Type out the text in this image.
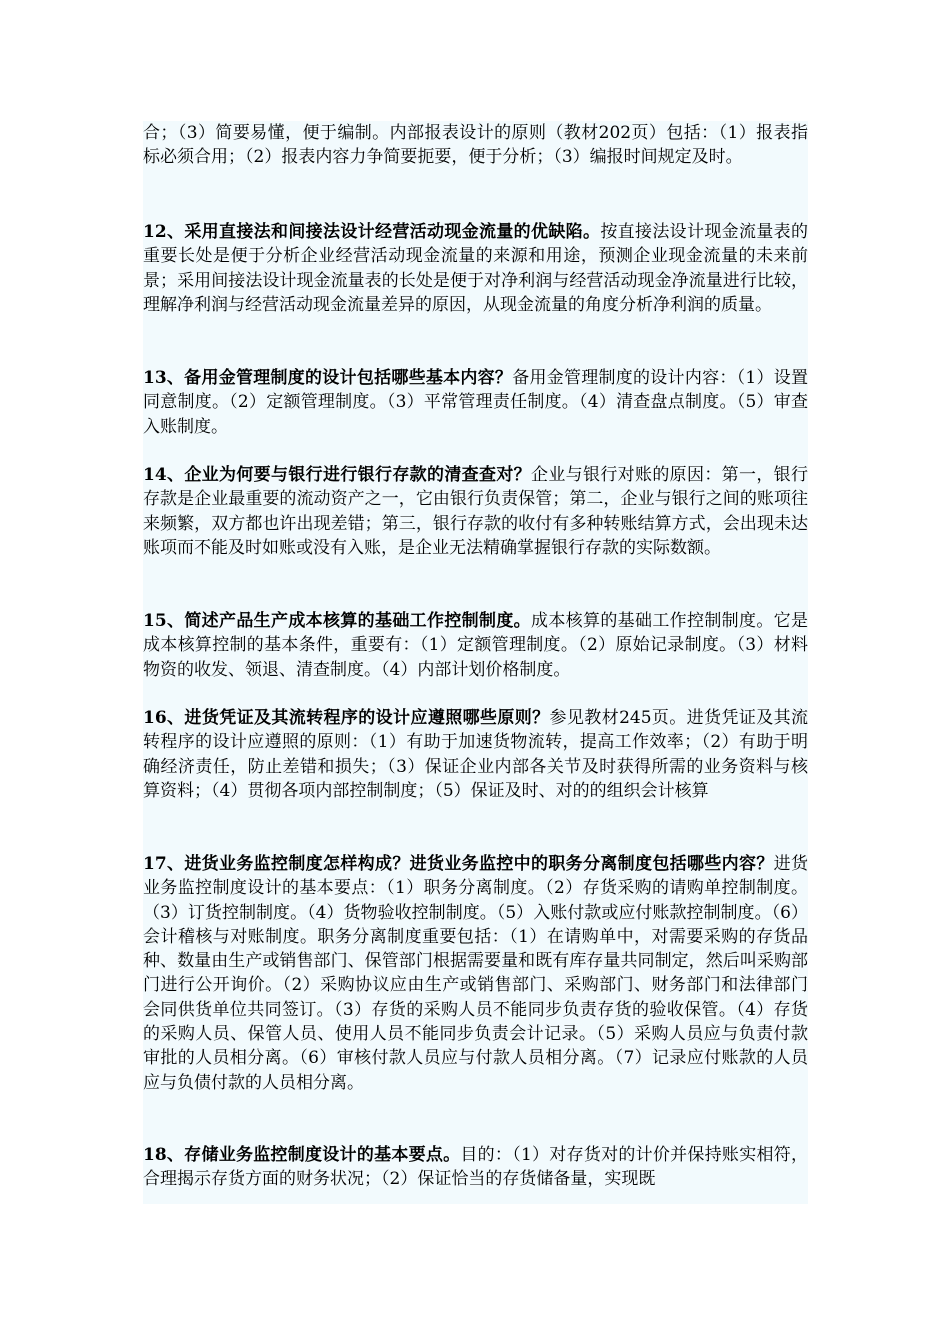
合；（3）简要易懂，便于编制。内部报表设计的原则（教材202页）包括：（1）报表指标必须合用；（2）报表内容力争简要扼要，便于分析；（3）编报时间规定及时。

12、采用直接法和间接法设计经营活动现金流量的优缺陷。按直接法设计现金流量表的重要长处是便于分析企业经营活动现金流量的来源和用途，预测企业现金流量的未来前景；采用间接法设计现金流量表的长处是便于对净利润与经营活动现金净流量进行比较，理解净利润与经营活动现金流量差异的原因，从现金流量的角度分析净利润的质量。

13、备用金管理制度的设计包括哪些基本内容？备用金管理制度的设计内容：（1）设置同意制度。（2）定额管理制度。（3）平常管理责任制度。（4）清查盘点制度。（5）审查入账制度。

14、企业为何要与银行进行银行存款的清查查对？企业与银行对账的原因：第一，银行存款是企业最重要的流动资产之一，它由银行负责保管；第二，企业与银行之间的账项往来频繁，双方都也许出现差错；第三，银行存款的收付有多种转账结算方式，会出现未达账项而不能及时如账或没有入账，是企业无法精确掌握银行存款的实际数额。

15、简述产品生产成本核算的基础工作控制制度。成本核算的基础工作控制制度。它是成本核算控制的基本条件，重要有：（1）定额管理制度。（2）原始记录制度。（3）材料物资的收发、领退、清查制度。（4）内部计划价格制度。

16、进货凭证及其流转程序的设计应遵照哪些原则？参见教材245页。进货凭证及其流转程序的设计应遵照的原则：（1）有助于加速货物流转，提高工作效率；（2）有助于明确经济责任，防止差错和损失；（3）保证企业内部各关节及时获得所需的业务资料与核算资料；（4）贯彻各项内部控制制度；（5）保证及时、对的的组织会计核算

17、进货业务监控制度怎样构成？进货业务监控中的职务分离制度包括哪些内容？进货业务监控制度设计的基本要点：（1）职务分离制度。（2）存货采购的请购单控制制度。（3）订货控制制度。（4）货物验收控制制度。（5）入账付款或应付账款控制制度。（6）会计稽核与对账制度。职务分离制度重要包括：（1）在请购单中，对需要采购的存货品种、数量由生产或销售部门、保管部门根据需要量和既有库存量共同制定，然后叫采购部门进行公开询价。（2）采购协议应由生产或销售部门、采购部门、财务部门和法律部门会同供货单位共同签订。（3）存货的采购人员不能同步负责存货的验收保管。（4）存货的采购人员、保管人员、使用人员不能同步负责会计记录。（5）采购人员应与负责付款审批的人员相分离。（6）审核付款人员应与付款人员相分离。（7）记录应付账款的人员应与负债付款的人员相分离。

18、存储业务监控制度设计的基本要点。目的：（1）对存货对的计价并保持账实相符，合理揭示存货方面的财务状况；（2）保证恰当的存货储备量，实现既
